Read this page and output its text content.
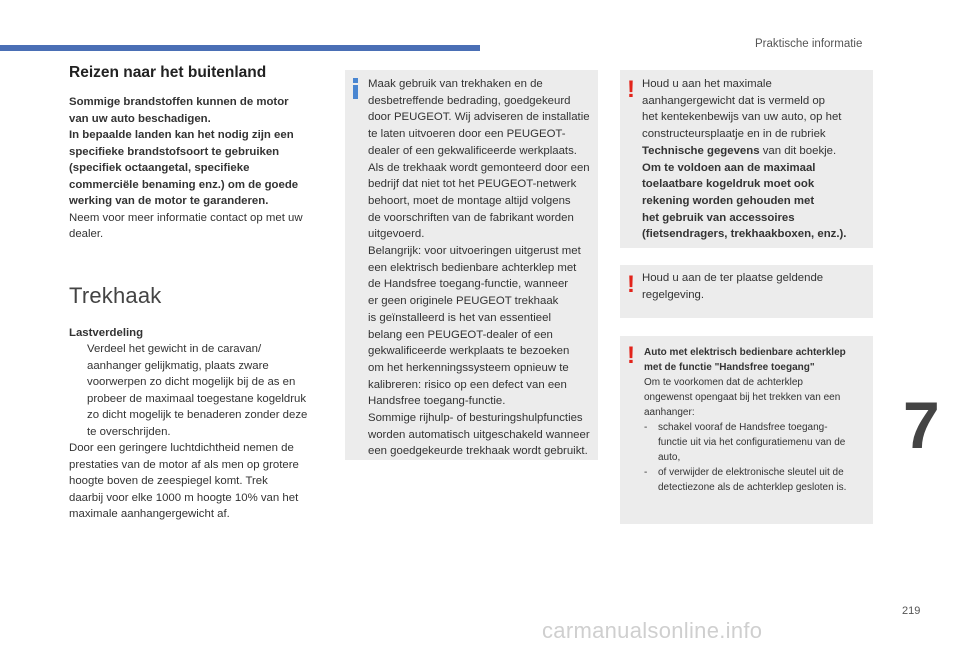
Praktische informatie
Reizen naar het buitenland

Sommige brandstoffen kunnen de motor
van uw auto beschadigen.
In bepaalde landen kan het nodig zijn een
specifieke brandstofsoort te gebruiken
(specifiek octaangetal, specifieke
commerciële benaming enz.) om de goede
werking van de motor te garanderen.

Neem voor meer informatie contact op met uw
dealer.

Trekhaak

Lastverdeling

Verdeel het gewicht in de caravan/
aanhanger gelijkmatig, plaats zware
voorwerpen zo dicht mogelijk bij de as en
probeer de maximaal toegestane kogeldruk
zo dicht mogelijk te benaderen zonder deze
te overschrijden.

Door een geringere luchtdichtheid nemen de
prestaties van de motor af als men op grotere
hoogte boven de zeespiegel komt. Trek
daarbij voor elke 1000 m hoogte 10% van het
maximale aanhangergewicht af.

Maak gebruik van trekhaken en de
desbetreffende bedrading, goedgekeurd
door PEUGEOT. Wij adviseren de installatie
te laten uitvoeren door een PEUGEOT-
dealer of een gekwalificeerde werkplaats.
Als de trekhaak wordt gemonteerd door een
bedrijf dat niet tot het PEUGEOT-netwerk
behoort, moet de montage altijd volgens
de voorschriften van de fabrikant worden
uitgevoerd.
Belangrijk: voor uitvoeringen uitgerust met
een elektrisch bedienbare achterklep met
de Handsfree toegang-functie, wanneer
er geen originele PEUGEOT trekhaak
is geïnstalleerd is het van essentieel
belang een PEUGEOT-dealer of een
gekwalificeerde werkplaats te bezoeken
om het herkenningssysteem opnieuw te
kalibreren: risico op een defect van een
Handsfree toegang-functie.
Sommige rijhulp- of besturingshulpfuncties
worden automatisch uitgeschakeld wanneer
een goedgekeurde trekhaak wordt gebruikt.
! Houd u aan het maximale
aanhangergewicht dat is vermeld op
het kentekenbewijs van uw auto, op het
constructeursplaatje en in de rubriek
Technische gegevens van dit boekje.
Om te voldoen aan de maximaal
toelaatbare kogeldruk moet ook
rekening worden gehouden met
het gebruik van accessoires
(fietsendragers, trekhaakboxen, enz.).
! Houd u aan de ter plaatse geldende
regelgeving.
! Auto met elektrisch bedienbare achterklep
met de functie "Handsfree toegang"
Om te voorkomen dat de achterklep
ongewenst opengaat bij het trekken van een
aanhanger:
-	schakel vooraf de Handsfree toegang-
functie uit via het configuratiemenu van de
auto,
-	of verwijder de elektronische sleutel uit de
detectiezone als de achterklep gesloten is.
7
219
carmanualsonline.info
